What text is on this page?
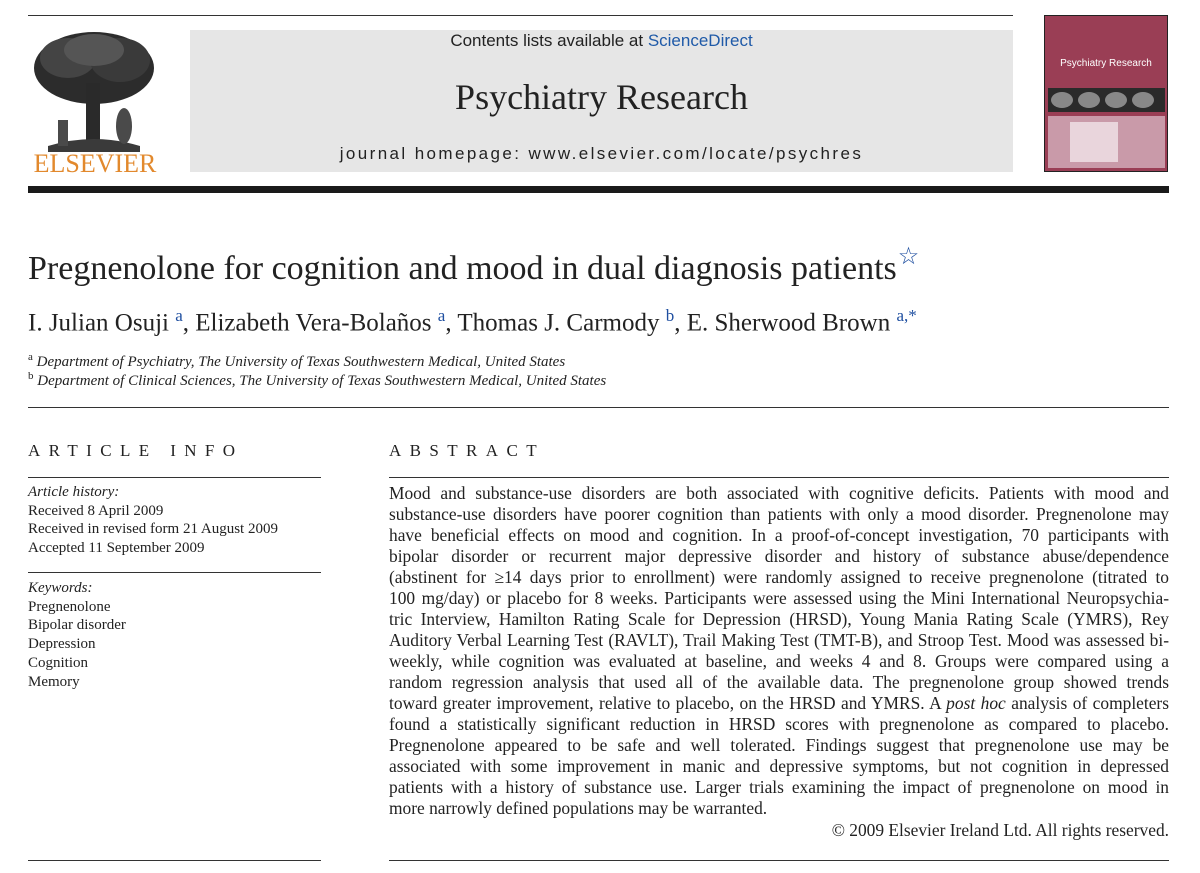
ELSEVIER
Contents lists available at ScienceDirect
Psychiatry Research
journal homepage: www.elsevier.com/locate/psychres
Psychiatry Research
Pregnenolone for cognition and mood in dual diagnosis patients ☆
I. Julian Osuji $^a$, Elizabeth Vera-Bolaños $^a$, Thomas J. Carmody $^b$, E. Sherwood Brown $^{a,*}$
$^a$ Department of Psychiatry, The University of Texas Southwestern Medical, United States
$^b$ Department of Clinical Sciences, The University of Texas Southwestern Medical, United States
ARTICLE INFO
Article history:
Received 8 April 2009
Received in revised form 21 August 2009
Accepted 11 September 2009
Keywords:
Pregnenolone
Bipolar disorder
Depression
Cognition
Memory
ABSTRACT
Mood and substance-use disorders are both associated with cognitive deficits. Patients with mood and
substance-use disorders have poorer cognition than patients with only a mood disorder. Pregnenolone may
have beneficial effects on mood and cognition. In a proof-of-concept investigation, 70 participants with
bipolar disorder or recurrent major depressive disorder and history of substance abuse/dependence
(abstinent for ≥14 days prior to enrollment) were randomly assigned to receive pregnenolone (titrated to
100 mg/day) or placebo for 8 weeks. Participants were assessed using the Mini International Neuropsychia-
tric Interview, Hamilton Rating Scale for Depression (HRSD), Young Mania Rating Scale (YMRS), Rey
Auditory Verbal Learning Test (RAVLT), Trail Making Test (TMT-B), and Stroop Test. Mood was assessed bi-
weekly, while cognition was evaluated at baseline, and weeks 4 and 8. Groups were compared using a
random regression analysis that used all of the available data. The pregnenolone group showed trends
toward greater improvement, relative to placebo, on the HRSD and YMRS. A post hoc analysis of completers
found a statistically significant reduction in HRSD scores with pregnenolone as compared to placebo.
Pregnenolone appeared to be safe and well tolerated. Findings suggest that pregnenolone use may be
associated with some improvement in manic and depressive symptoms, but not cognition in depressed
patients with a history of substance use. Larger trials examining the impact of pregnenolone on mood in
more narrowly defined populations may be warranted.
© 2009 Elsevier Ireland Ltd. All rights reserved.
